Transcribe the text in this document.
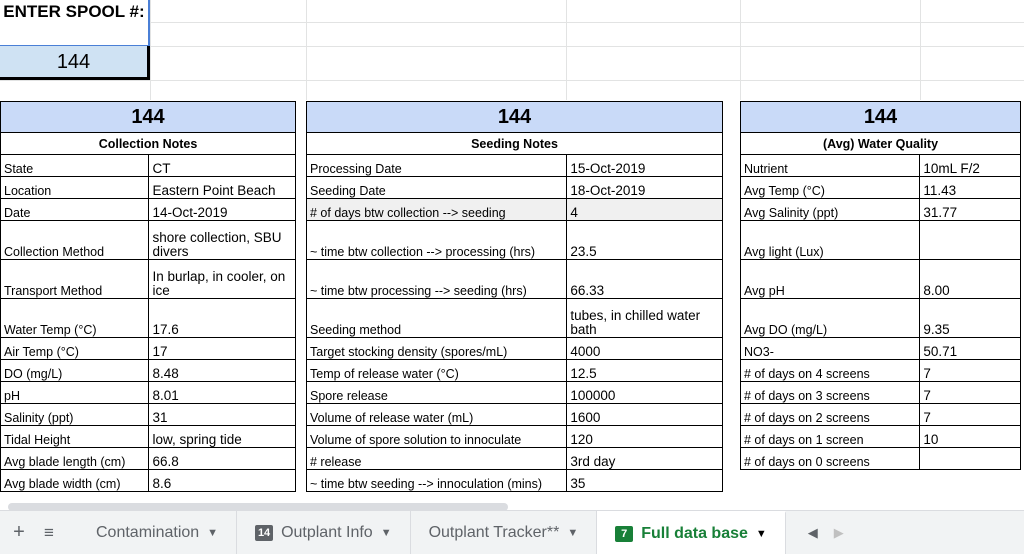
ENTER SPOOL #:
144
144	
Collection Notes	
State	CT
Location	Eastern Point Beach
Date	14-Oct-2019
Collection Method	shore collection, SBU divers
Transport Method	In burlap, in cooler, on ice
Water Temp (°C)	17.6
Air Temp (°C)	17
DO (mg/L)	8.48
pH	8.01
Salinity (ppt)	31
Tidal Height	low, spring tide
Avg blade length (cm)	66.8
Avg blade width (cm)	8.6
144	
Seeding Notes	
Processing Date	15-Oct-2019
Seeding Date	18-Oct-2019
# of days btw collection --> seeding	4
~ time btw collection --> processing (hrs)	23.5
~ time btw processing --> seeding (hrs)	66.33
Seeding method	tubes, in chilled water bath
Target stocking density (spores/mL)	4000
Temp of release water (°C)	12.5
Spore release	100000
Volume of release water (mL)	1600
Volume of spore solution to innoculate	120
# release	3rd day
~ time btw seeding --> innoculation (mins)	35
144	
(Avg) Water Quality	
Nutrient	10mL F/2
Avg Temp (°C)	11.43
Avg Salinity (ppt)	31.77
Avg light (Lux)	
Avg pH	8.00
Avg DO (mg/L)	9.35
NO3-	50.71
# of days on 4 screens	7
# of days on 3 screens	7
# of days on 2 screens	7
# of days on 1 screen	10
# of days on 0 screens	
+	≡	Contamination ▼	14 Outplant Info ▼ Outplant Tracker** ▼	7 Full data base ▼	◀	▶
